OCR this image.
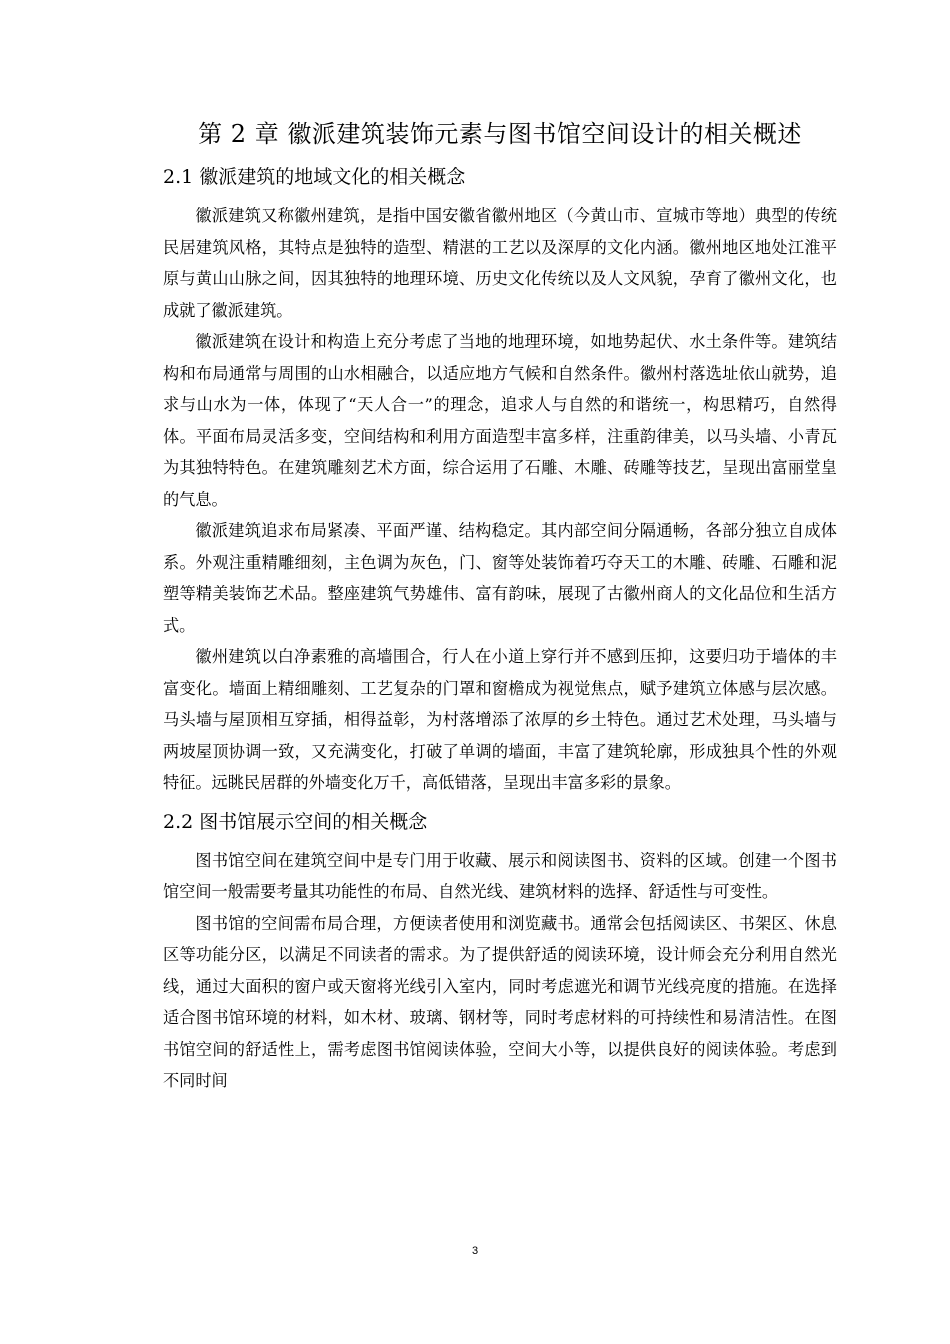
第 2 章 徽派建筑装饰元素与图书馆空间设计的相关概述
2.1 徽派建筑的地域文化的相关概念

徽派建筑又称徽州建筑，是指中国安徽省徽州地区（今黄山市、宣城市等地）典型的传统民居建筑风格，其特点是独特的造型、精湛的工艺以及深厚的文化内涵。徽州地区地处江淮平原与黄山山脉之间，因其独特的地理环境、历史文化传统以及人文风貌，孕育了徽州文化，也成就了徽派建筑。

徽派建筑在设计和构造上充分考虑了当地的地理环境，如地势起伏、水土条件等。建筑结构和布局通常与周围的山水相融合，以适应地方气候和自然条件。徽州村落选址依山就势，追求与山水为一体，体现了“天人合一”的理念，追求人与自然的和谐统一，构思精巧，自然得体。平面布局灵活多变，空间结构和利用方面造型丰富多样，注重韵律美，以马头墙、小青瓦为其独特特色。在建筑雕刻艺术方面，综合运用了石雕、木雕、砖雕等技艺，呈现出富丽堂皇的气息。

徽派建筑追求布局紧凑、平面严谨、结构稳定。其内部空间分隔通畅，各部分独立自成体系。外观注重精雕细刻，主色调为灰色，门、窗等处装饰着巧夺天工的木雕、砖雕、石雕和泥塑等精美装饰艺术品。整座建筑气势雄伟、富有韵味，展现了古徽州商人的文化品位和生活方式。

徽州建筑以白净素雅的高墙围合，行人在小道上穿行并不感到压抑，这要归功于墙体的丰富变化。墙面上精细雕刻、工艺复杂的门罩和窗檐成为视觉焦点，赋予建筑立体感与层次感。马头墙与屋顶相互穿插，相得益彰，为村落增添了浓厚的乡土特色。通过艺术处理，马头墙与两坡屋顶协调一致，又充满变化，打破了单调的墙面，丰富了建筑轮廓，形成独具个性的外观特征。远眺民居群的外墙变化万千，高低错落，呈现出丰富多彩的景象。

2.2 图书馆展示空间的相关概念

图书馆空间在建筑空间中是专门用于收藏、展示和阅读图书、资料的区域。创建一个图书馆空间一般需要考量其功能性的布局、自然光线、建筑材料的选择、舒适性与可变性。

图书馆的空间需布局合理，方便读者使用和浏览藏书。通常会包括阅读区、书架区、休息区等功能分区，以满足不同读者的需求。为了提供舒适的阅读环境，设计师会充分利用自然光线，通过大面积的窗户或天窗将光线引入室内，同时考虑遮光和调节光线亮度的措施。在选择适合图书馆环境的材料，如木材、玻璃、钢材等，同时考虑材料的可持续性和易清洁性。在图书馆空间的舒适性上，需考虑图书馆阅读体验，空间大小等，以提供良好的阅读体验。考虑到不同时间

3
